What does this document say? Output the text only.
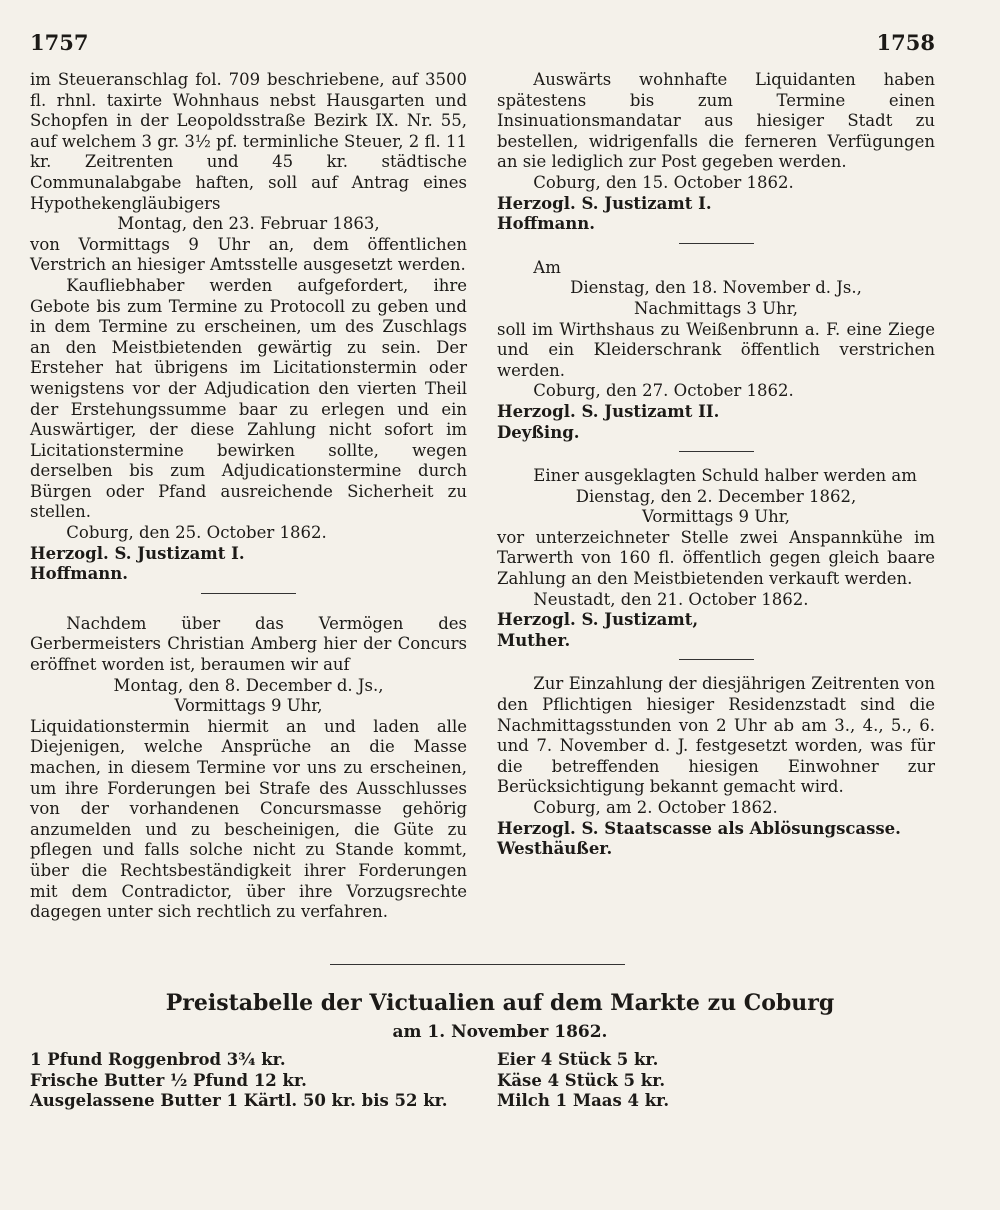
1757	1758

im Steueranschlag fol. 709 beschriebene, auf 3500 fl. rhnl. taxirte Wohnhaus nebst Hausgarten und Schopfen in der Leopoldsstraße Bezirk IX. Nr. 55, auf welchem 3 gr. 3½ pf. terminliche Steuer, 2 fl. 11 kr. Zeitrenten und 45 kr. städtische Communalabgabe haften, soll auf Antrag eines Hypothekengläubigers

Montag, den 23. Februar 1863,

von Vormittags 9 Uhr an, dem öffentlichen Verstrich an hiesiger Amtsstelle ausgesetzt werden.

Kaufliebhaber werden aufgefordert, ihre Gebote bis zum Termine zu Protocoll zu geben und in dem Termine zu erscheinen, um des Zuschlags an den Meistbietenden gewärtig zu sein. Der Ersteher hat übrigens im Licitationstermin oder wenigstens vor der Adjudication den vierten Theil der Erstehungssumme baar zu erlegen und ein Auswärtiger, der diese Zahlung nicht sofort im Licitationstermine bewirken sollte, wegen derselben bis zum Adjudicationstermine durch Bürgen oder Pfand ausreichende Sicherheit zu stellen.

Coburg, den 25. October 1862.

Herzogl. S. Justizamt I.

Hoffmann.

Nachdem über das Vermögen des Gerbermeisters Christian Amberg hier der Concurs eröffnet worden ist, beraumen wir auf

Montag, den 8. December d. Js.,

Vormittags 9 Uhr,

Liquidationstermin hiermit an und laden alle Diejenigen, welche Ansprüche an die Masse machen, in diesem Termine vor uns zu erscheinen, um ihre Forderungen bei Strafe des Ausschlusses von der vorhandenen Concursmasse gehörig anzumelden und zu bescheinigen, die Güte zu pflegen und falls solche nicht zu Stande kommt, über die Rechtsbeständigkeit ihrer Forderungen mit dem Contradictor, über ihre Vorzugsrechte dagegen unter sich rechtlich zu verfahren.

Auswärts wohnhafte Liquidanten haben spätestens bis zum Termine einen Insinuationsmandatar aus hiesiger Stadt zu bestellen, widrigenfalls die ferneren Verfügungen an sie lediglich zur Post gegeben werden.

Coburg, den 15. October 1862.

Herzogl. S. Justizamt I.

Hoffmann.

Am

Dienstag, den 18. November d. Js.,

Nachmittags 3 Uhr,

soll im Wirthshaus zu Weißenbrunn a. F. eine Ziege und ein Kleiderschrank öffentlich verstrichen werden.

Coburg, den 27. October 1862.

Herzogl. S. Justizamt II.

Deyßing.

Einer ausgeklagten Schuld halber werden am

Dienstag, den 2. December 1862,

Vormittags 9 Uhr,

vor unterzeichneter Stelle zwei Anspannkühe im Tarwerth von 160 fl. öffentlich gegen gleich baare Zahlung an den Meistbietenden verkauft werden.

Neustadt, den 21. October 1862.

Herzogl. S. Justizamt,

Muther.

Zur Einzahlung der diesjährigen Zeitrenten von den Pflichtigen hiesiger Residenzstadt sind die Nachmittagsstunden von 2 Uhr ab am 3., 4., 5., 6. und 7. November d. J. festgesetzt worden, was für die betreffenden hiesigen Einwohner zur Berücksichtigung bekannt gemacht wird.

Coburg, am 2. October 1862.

Herzogl. S. Staatscasse als Ablösungscasse.

Westhäußer.

Preistabelle der Victualien auf dem Markte zu Coburg
am 1. November 1862.
1 Pfund Roggenbrod 3¾ kr.
Frische Butter ½ Pfund 12 kr.
Ausgelassene Butter 1 Kärtl. 50 kr. bis 52 kr.
Eier 4 Stück 5 kr.
Käse 4 Stück 5 kr.
Milch 1 Maas 4 kr.
